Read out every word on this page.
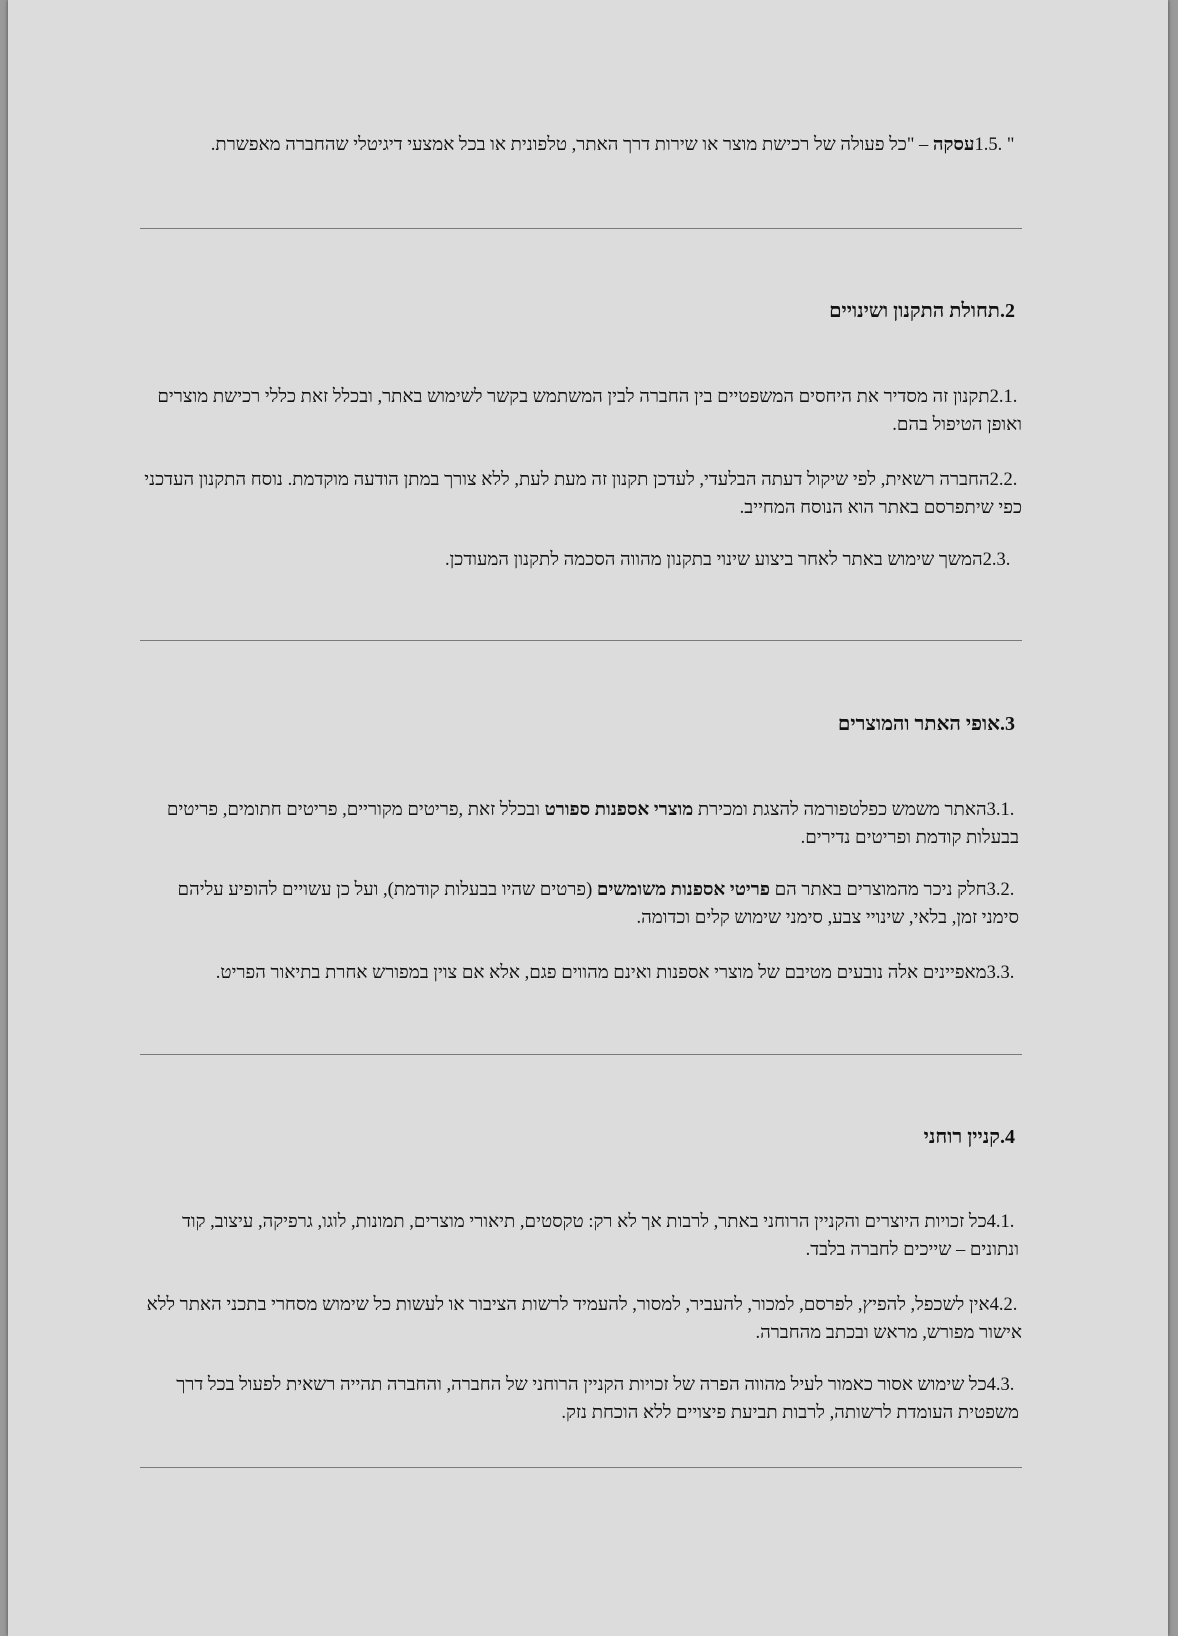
" 1.5. עסקה – "כל פעולה של רכישת מוצר או שירות דרך האתר, טלפונית או בכל אמצעי דיגיטלי שהחברה מאפשרת.
2.תחולת התקנון ושינויים
2.1. תקנון זה מסדיר את היחסים המשפטיים בין החברה לבין המשתמש בקשר לשימוש באתר, ובכלל זאת כללי רכישת מוצרים ואופן הטיפול בהם.
2.2. החברה רשאית, לפי שיקול דעתה הבלעדי, לעדכן תקנון זה מעת לעת, ללא צורך במתן הודעה מוקדמת. נוסח התקנון העדכני כפי שיתפרסם באתר הוא הנוסח המחייב.
2.3. המשך שימוש באתר לאחר ביצוע שינוי בתקנון מהווה הסכמה לתקנון המעודכן.
3.אופי האתר והמוצרים
3.1. האתר משמש כפלטפורמה להצגת ומכירת מוצרי אספנות ספורט ובכלל זאת ,פריטים מקוריים, פריטים חתומים, פריטים בבעלות קודמת ופריטים נדירים.
3.2. חלק ניכר מהמוצרים באתר הם פריטי אספנות משומשים (פרטים שהיו בבעלות קודמת), ועל כן עשויים להופיע עליהם סימני זמן, בלאי, שינויי צבע, סימני שימוש קלים וכדומה.
3.3. מאפיינים אלה נובעים מטיבם של מוצרי אספנות ואינם מהווים פגם, אלא אם צוין במפורש אחרת בתיאור הפריט.
4.קניין רוחני
4.1. כל זכויות היוצרים והקניין הרוחני באתר, לרבות אך לא רק: טקסטים, תיאורי מוצרים, תמונות, לוגו, גרפיקה, עיצוב, קוד ונתונים – שייכים לחברה בלבד.
4.2. אין לשכפל, להפיץ, לפרסם, למכור, להעביר, למסור, להעמיד לרשות הציבור או לעשות כל שימוש מסחרי בתכני האתר ללא אישור מפורש, מראש ובכתב מהחברה.
4.3. כל שימוש אסור כאמור לעיל מהווה הפרה של זכויות הקניין הרוחני של החברה, והחברה תהייה רשאית לפעול בכל דרך משפטית העומדת לרשותה, לרבות תביעת פיצויים ללא הוכחת נזק.
